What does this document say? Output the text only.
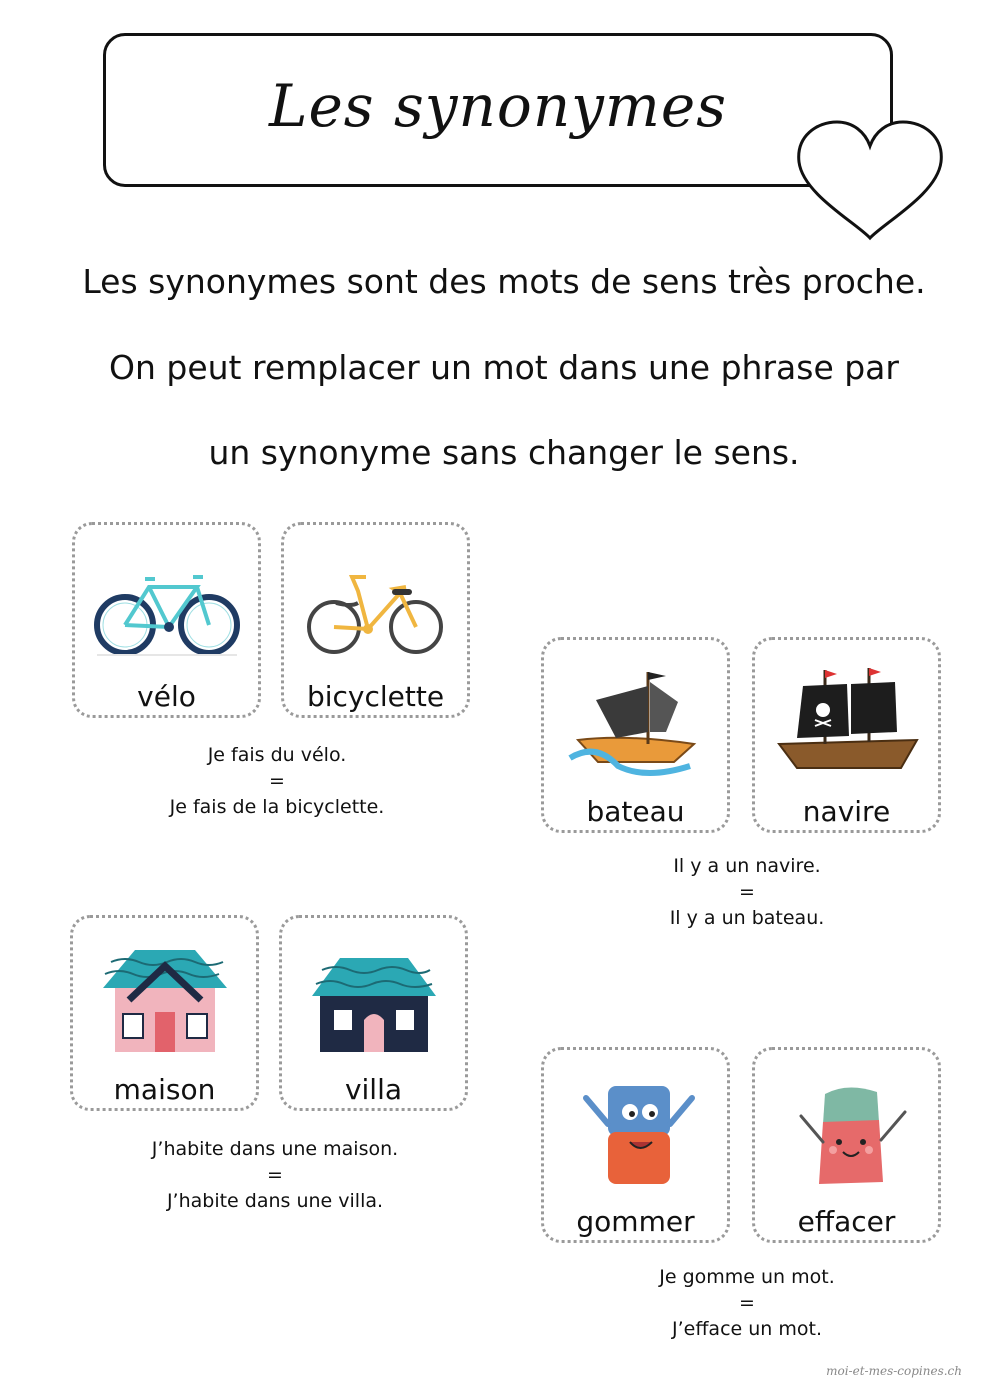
Les synonymes

Les synonymes sont des mots de sens très proche.

On peut remplacer un mot dans une phrase par

un synonyme sans changer le sens.

vélo	bicyclette
Je fais du vélo.
=
Je fais de la bicyclette.	bateau	navire
Il y a un navire.
=
Il y a un bateau.
maison	villa
J’habite dans une maison.
=
J’habite dans une villa.
gommer	effacer
Je gomme un mot.
=
J’efface un mot.
moi-et-mes-copines.ch
